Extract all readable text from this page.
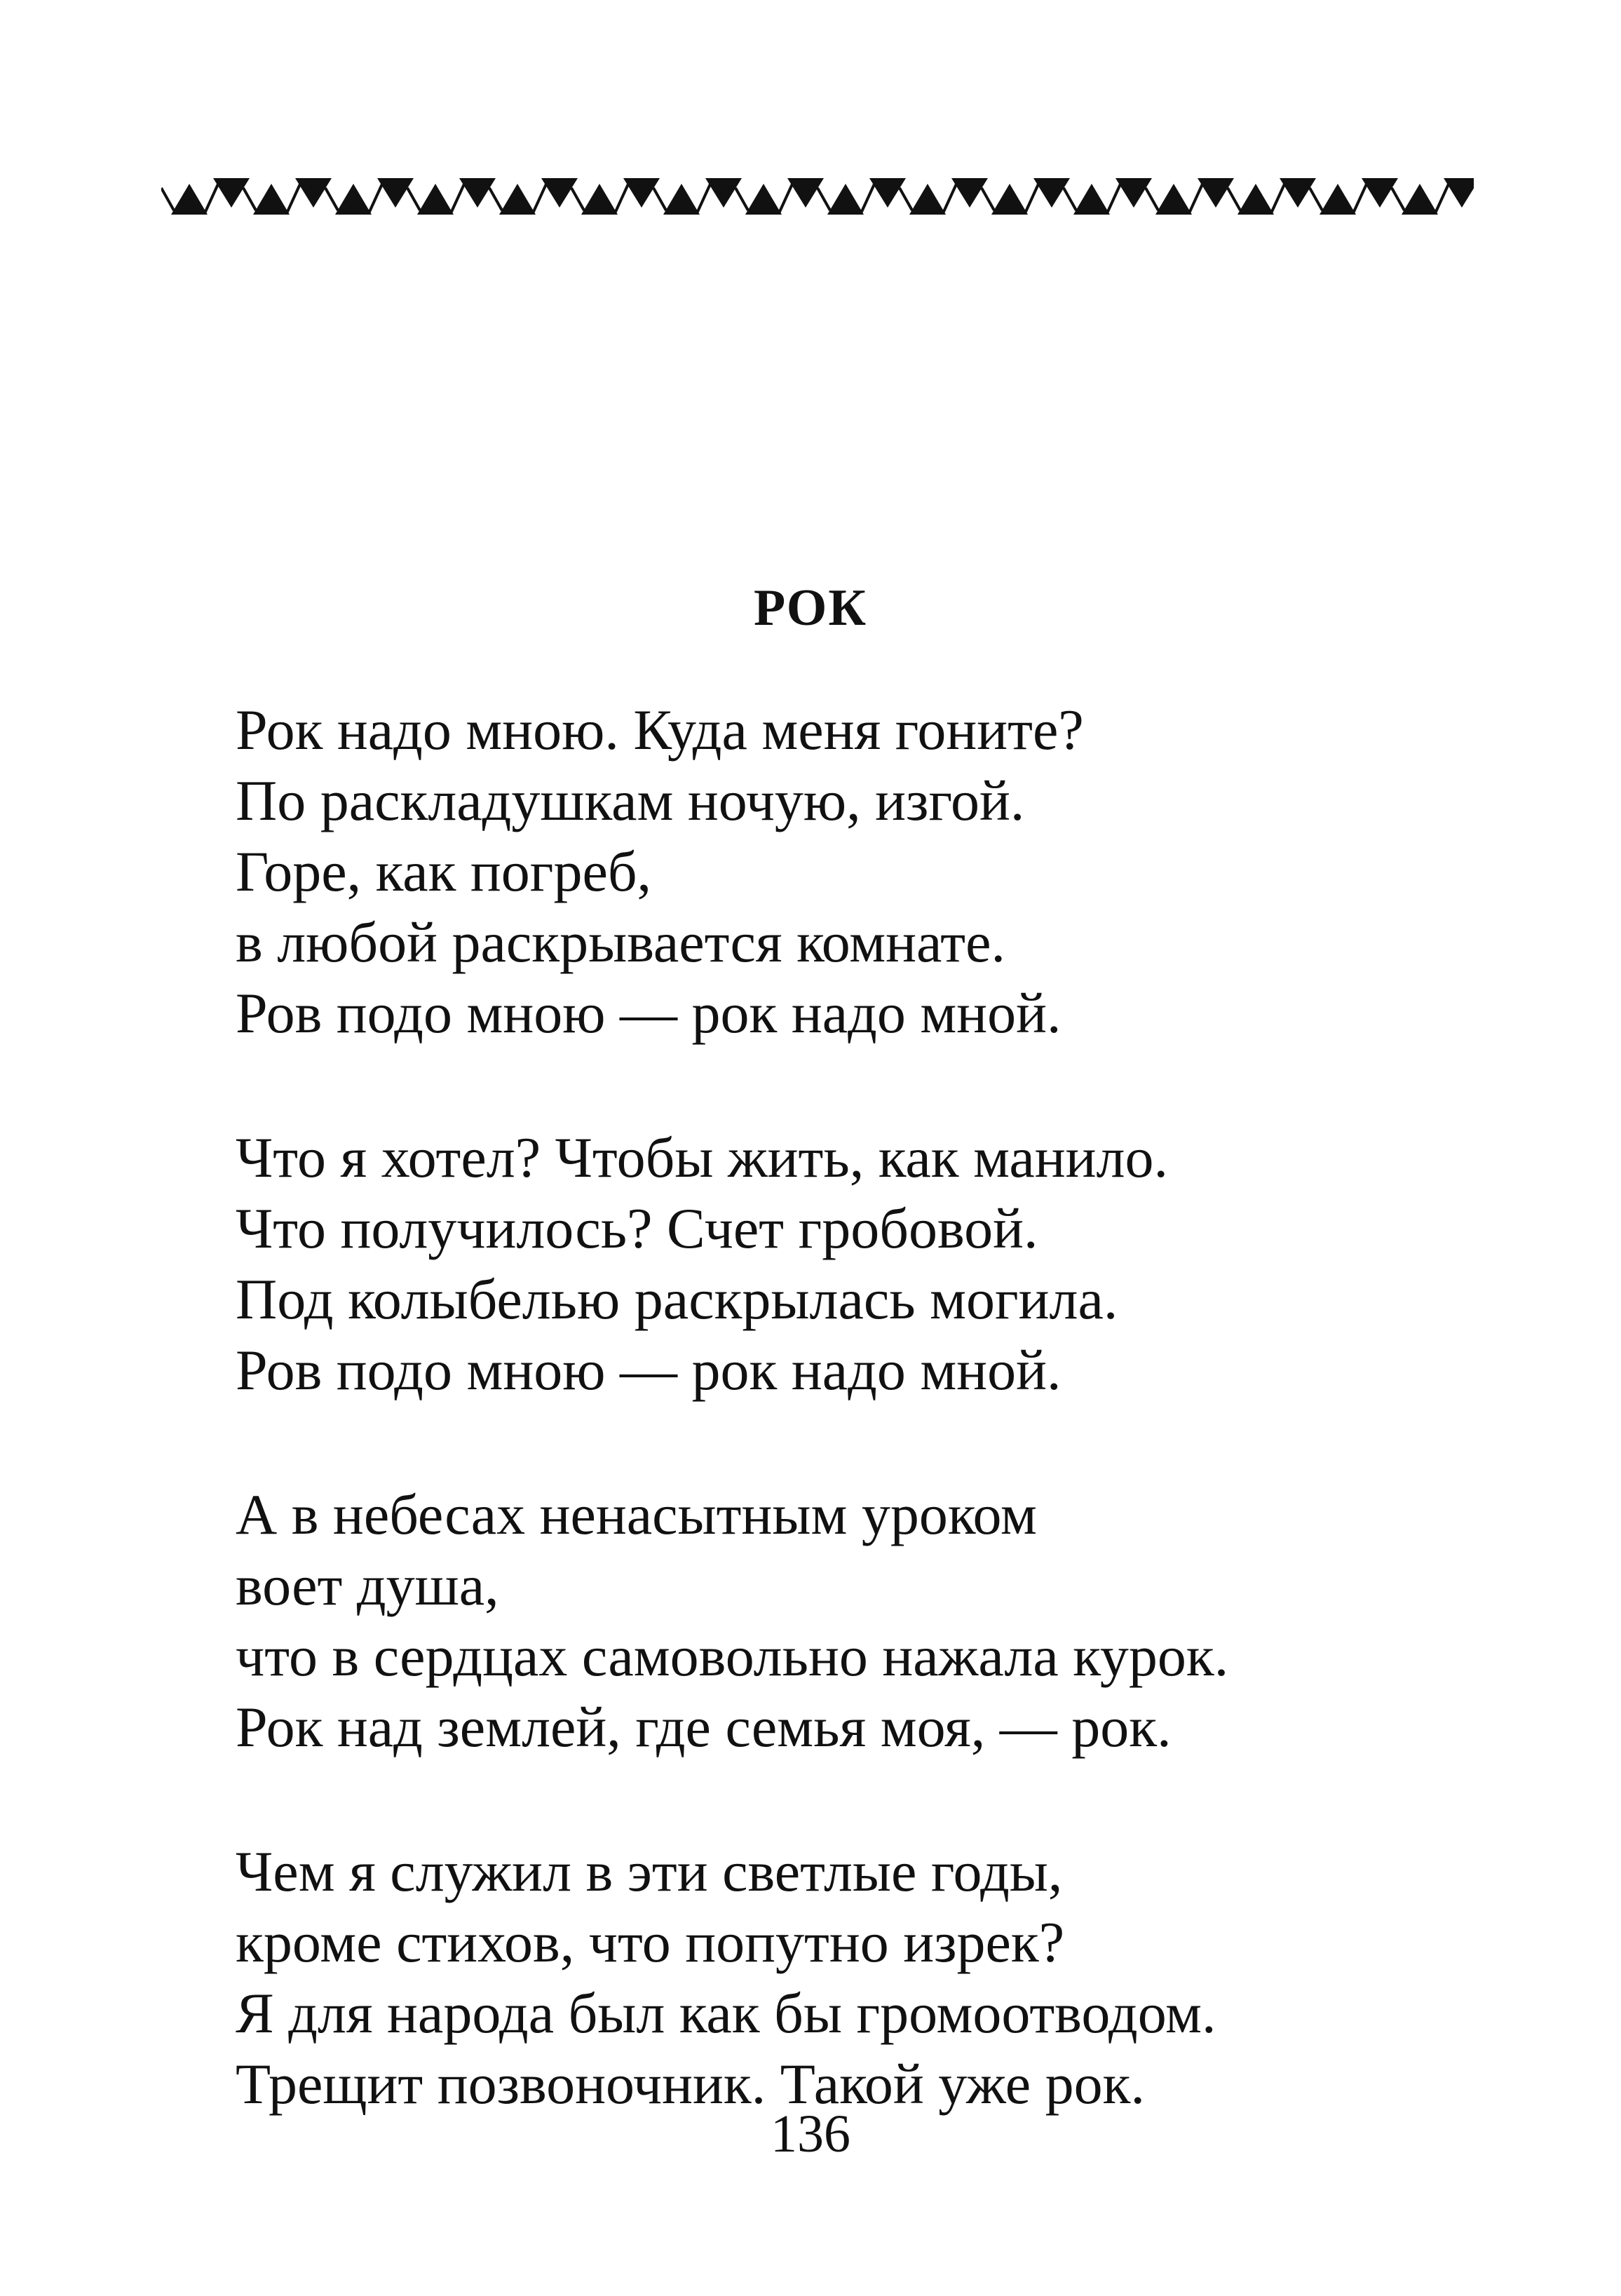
РОК
Рок надо мною. Куда меня гоните?
По раскладушкам ночую, изгой.
Горе, как погреб,
в любой раскрывается комнате.
Ров подо мною — рок надо мной.
Что я хотел? Чтобы жить, как манило.
Что получилось? Счет гробовой.
Под колыбелью раскрылась могила.
Ров подо мною — рок надо мной.
А в небесах ненасытным уроком
воет душа,
что в сердцах самовольно нажала курок.
Рок над землей, где семья моя, — рок.
Чем я служил в эти светлые годы,
кроме стихов, что попутно изрек?
Я для народа был как бы громоотводом.
Трещит позвоночник. Такой уже рок.
136
